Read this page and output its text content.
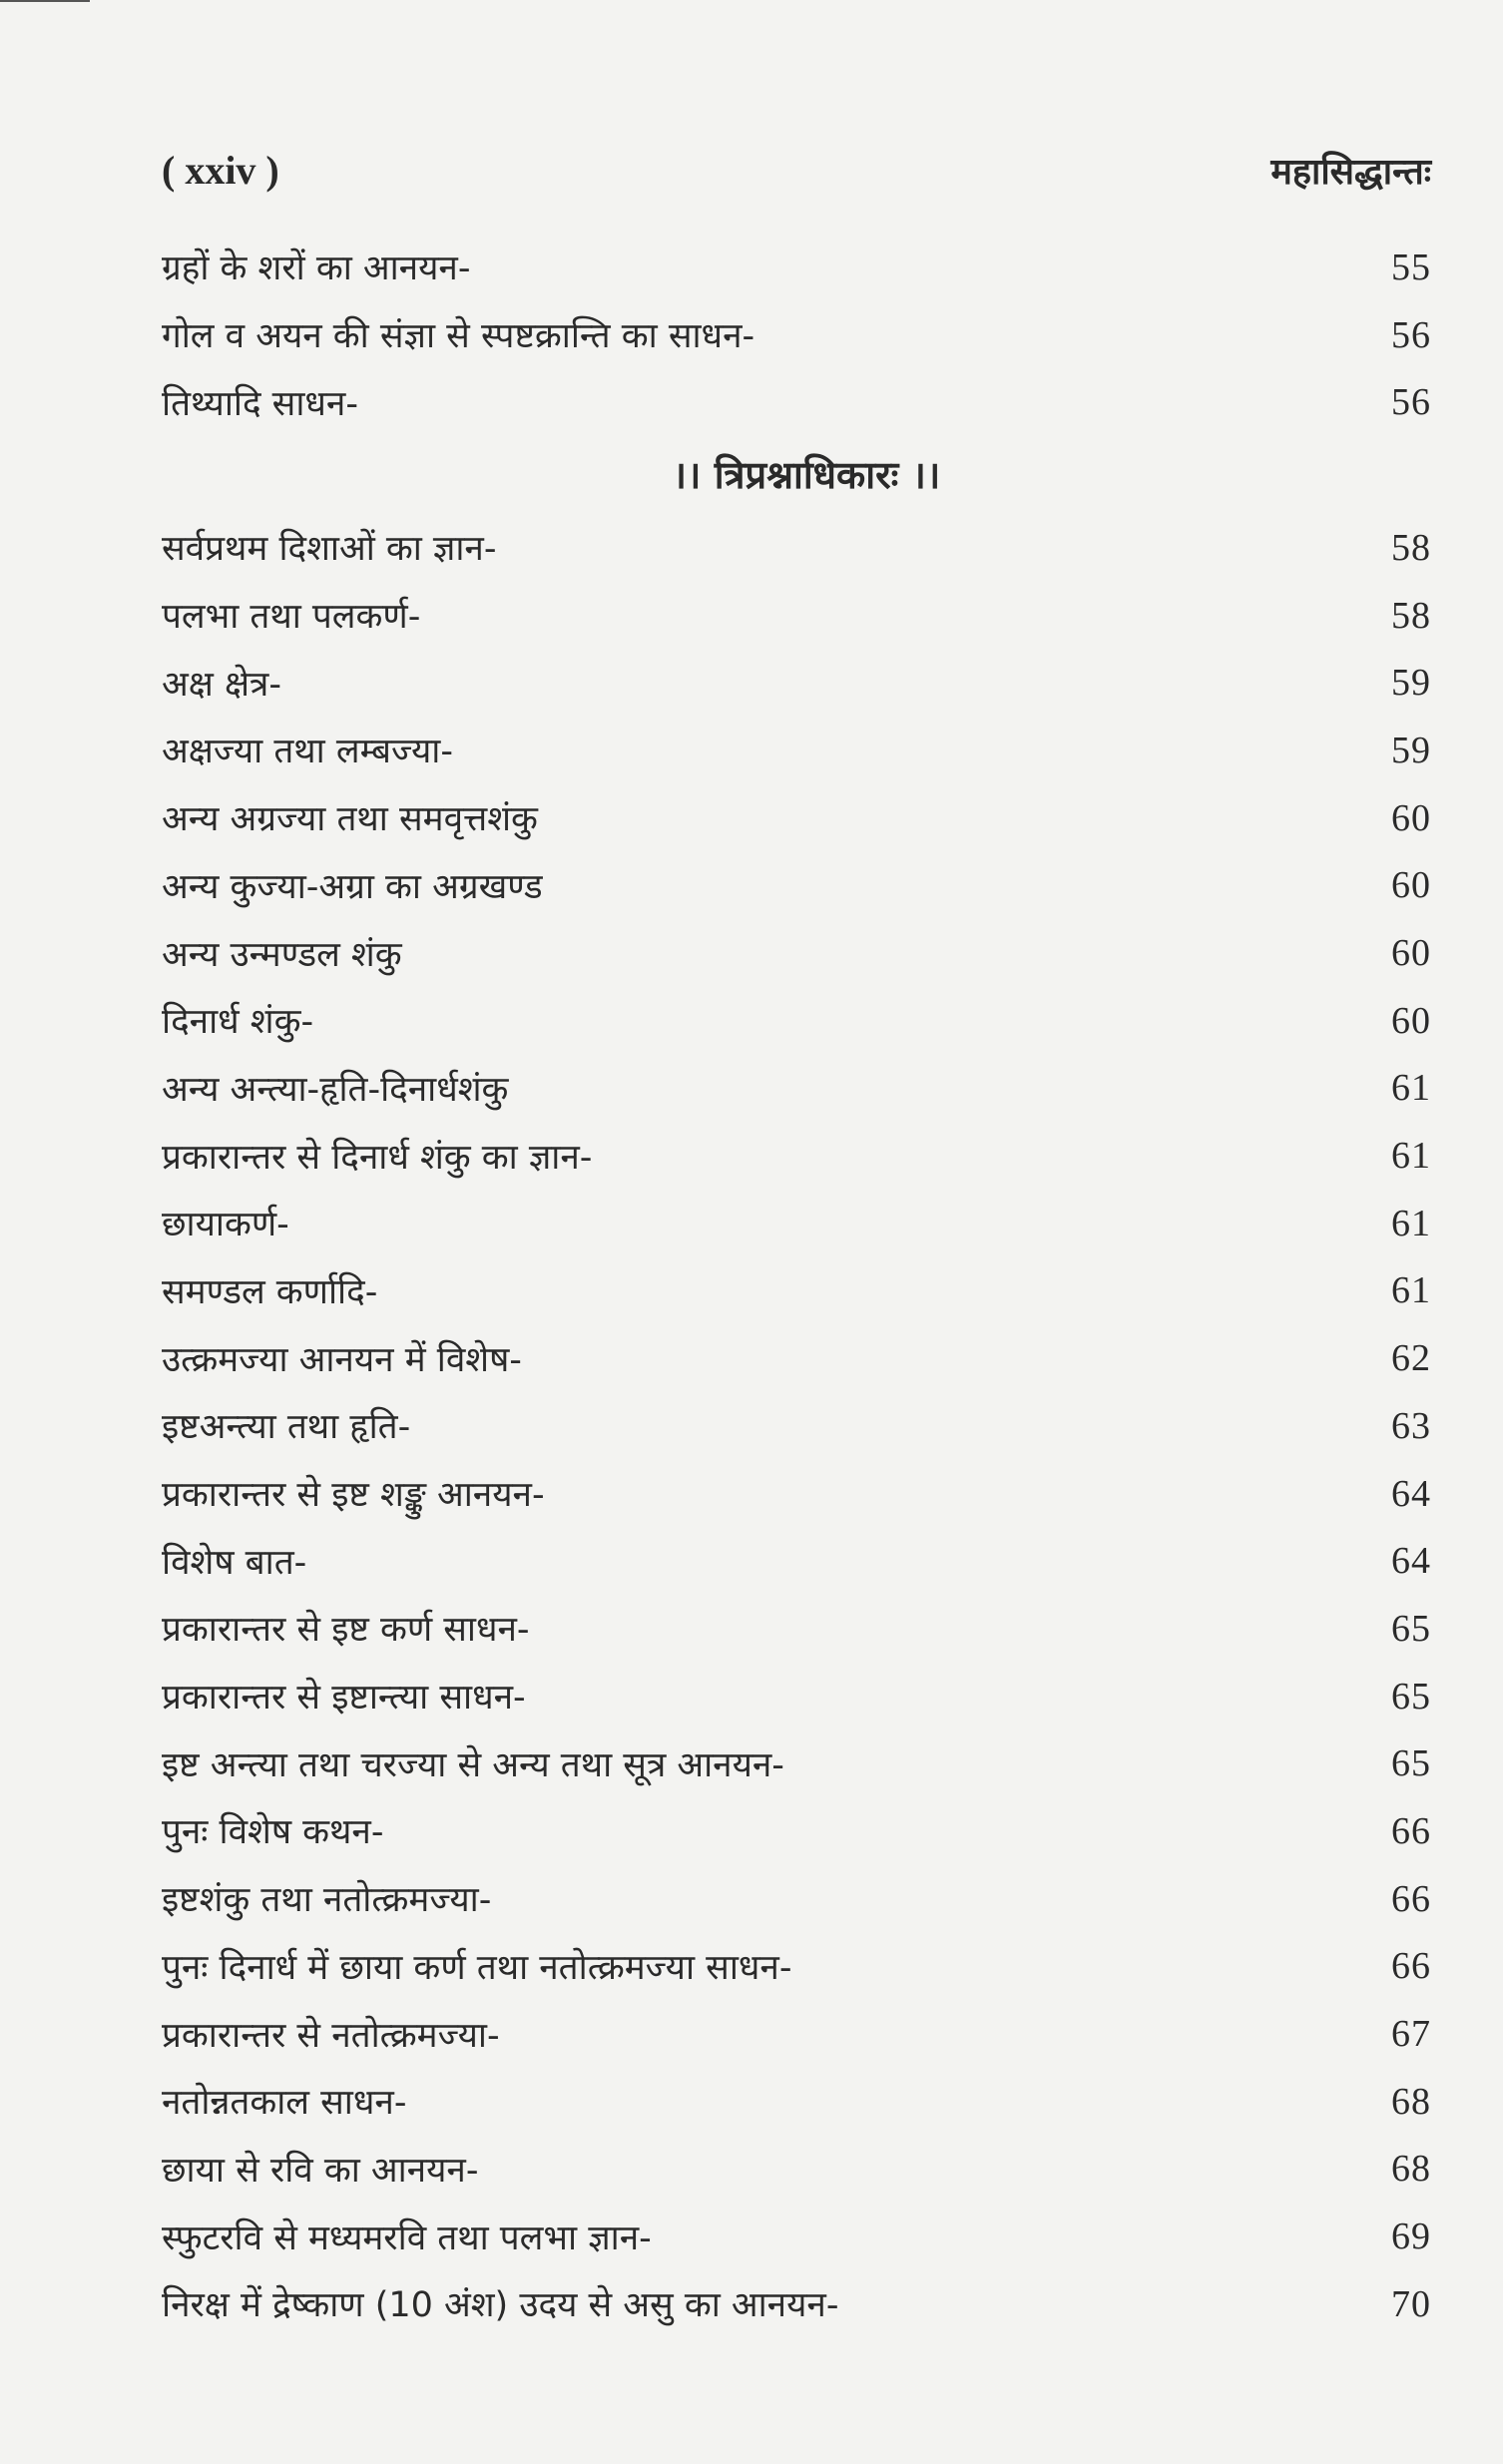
( xxiv )	महासिद्धान्तः
ग्रहों के शरों का आनयन-	55
गोल व अयन की संज्ञा से स्पष्टक्रान्ति का साधन-	56
तिथ्यादि साधन-	56
।। त्रिप्रश्नाधिकारः ।।
सर्वप्रथम दिशाओं का ज्ञान-	58
पलभा तथा पलकर्ण-	58
अक्ष क्षेत्र-	59
अक्षज्या तथा लम्बज्या-	59
अन्य अग्रज्या तथा समवृत्तशंकु	60
अन्य कुज्या-अग्रा का अग्रखण्ड	60
अन्य उन्मण्डल शंकु	60
दिनार्ध शंकु-	60
अन्य अन्त्या-हृति-दिनार्धशंकु	61
प्रकारान्तर से दिनार्ध शंकु का ज्ञान-	61
छायाकर्ण-	61
समण्डल कर्णादि-	61
उत्क्रमज्या आनयन में विशेष-	62
इष्टअन्त्या तथा हृति-	63
प्रकारान्तर से इष्ट शङ्कु आनयन-	64
विशेष बात-	64
प्रकारान्तर से इष्ट कर्ण साधन-	65
प्रकारान्तर से इष्टान्त्या साधन-	65
इष्ट अन्त्या तथा चरज्या से अन्य तथा सूत्र आनयन-	65
पुनः विशेष कथन-	66
इष्टशंकु तथा नतोत्क्रमज्या-	66
पुनः दिनार्ध में छाया कर्ण तथा नतोत्क्रमज्या साधन-	66
प्रकारान्तर से नतोत्क्रमज्या-	67
नतोन्नतकाल साधन-	68
छाया से रवि का आनयन-	68
स्फुटरवि से मध्यमरवि तथा पलभा ज्ञान-	69
निरक्ष में द्रेष्काण (10 अंश) उदय से असु का आनयन-	70
